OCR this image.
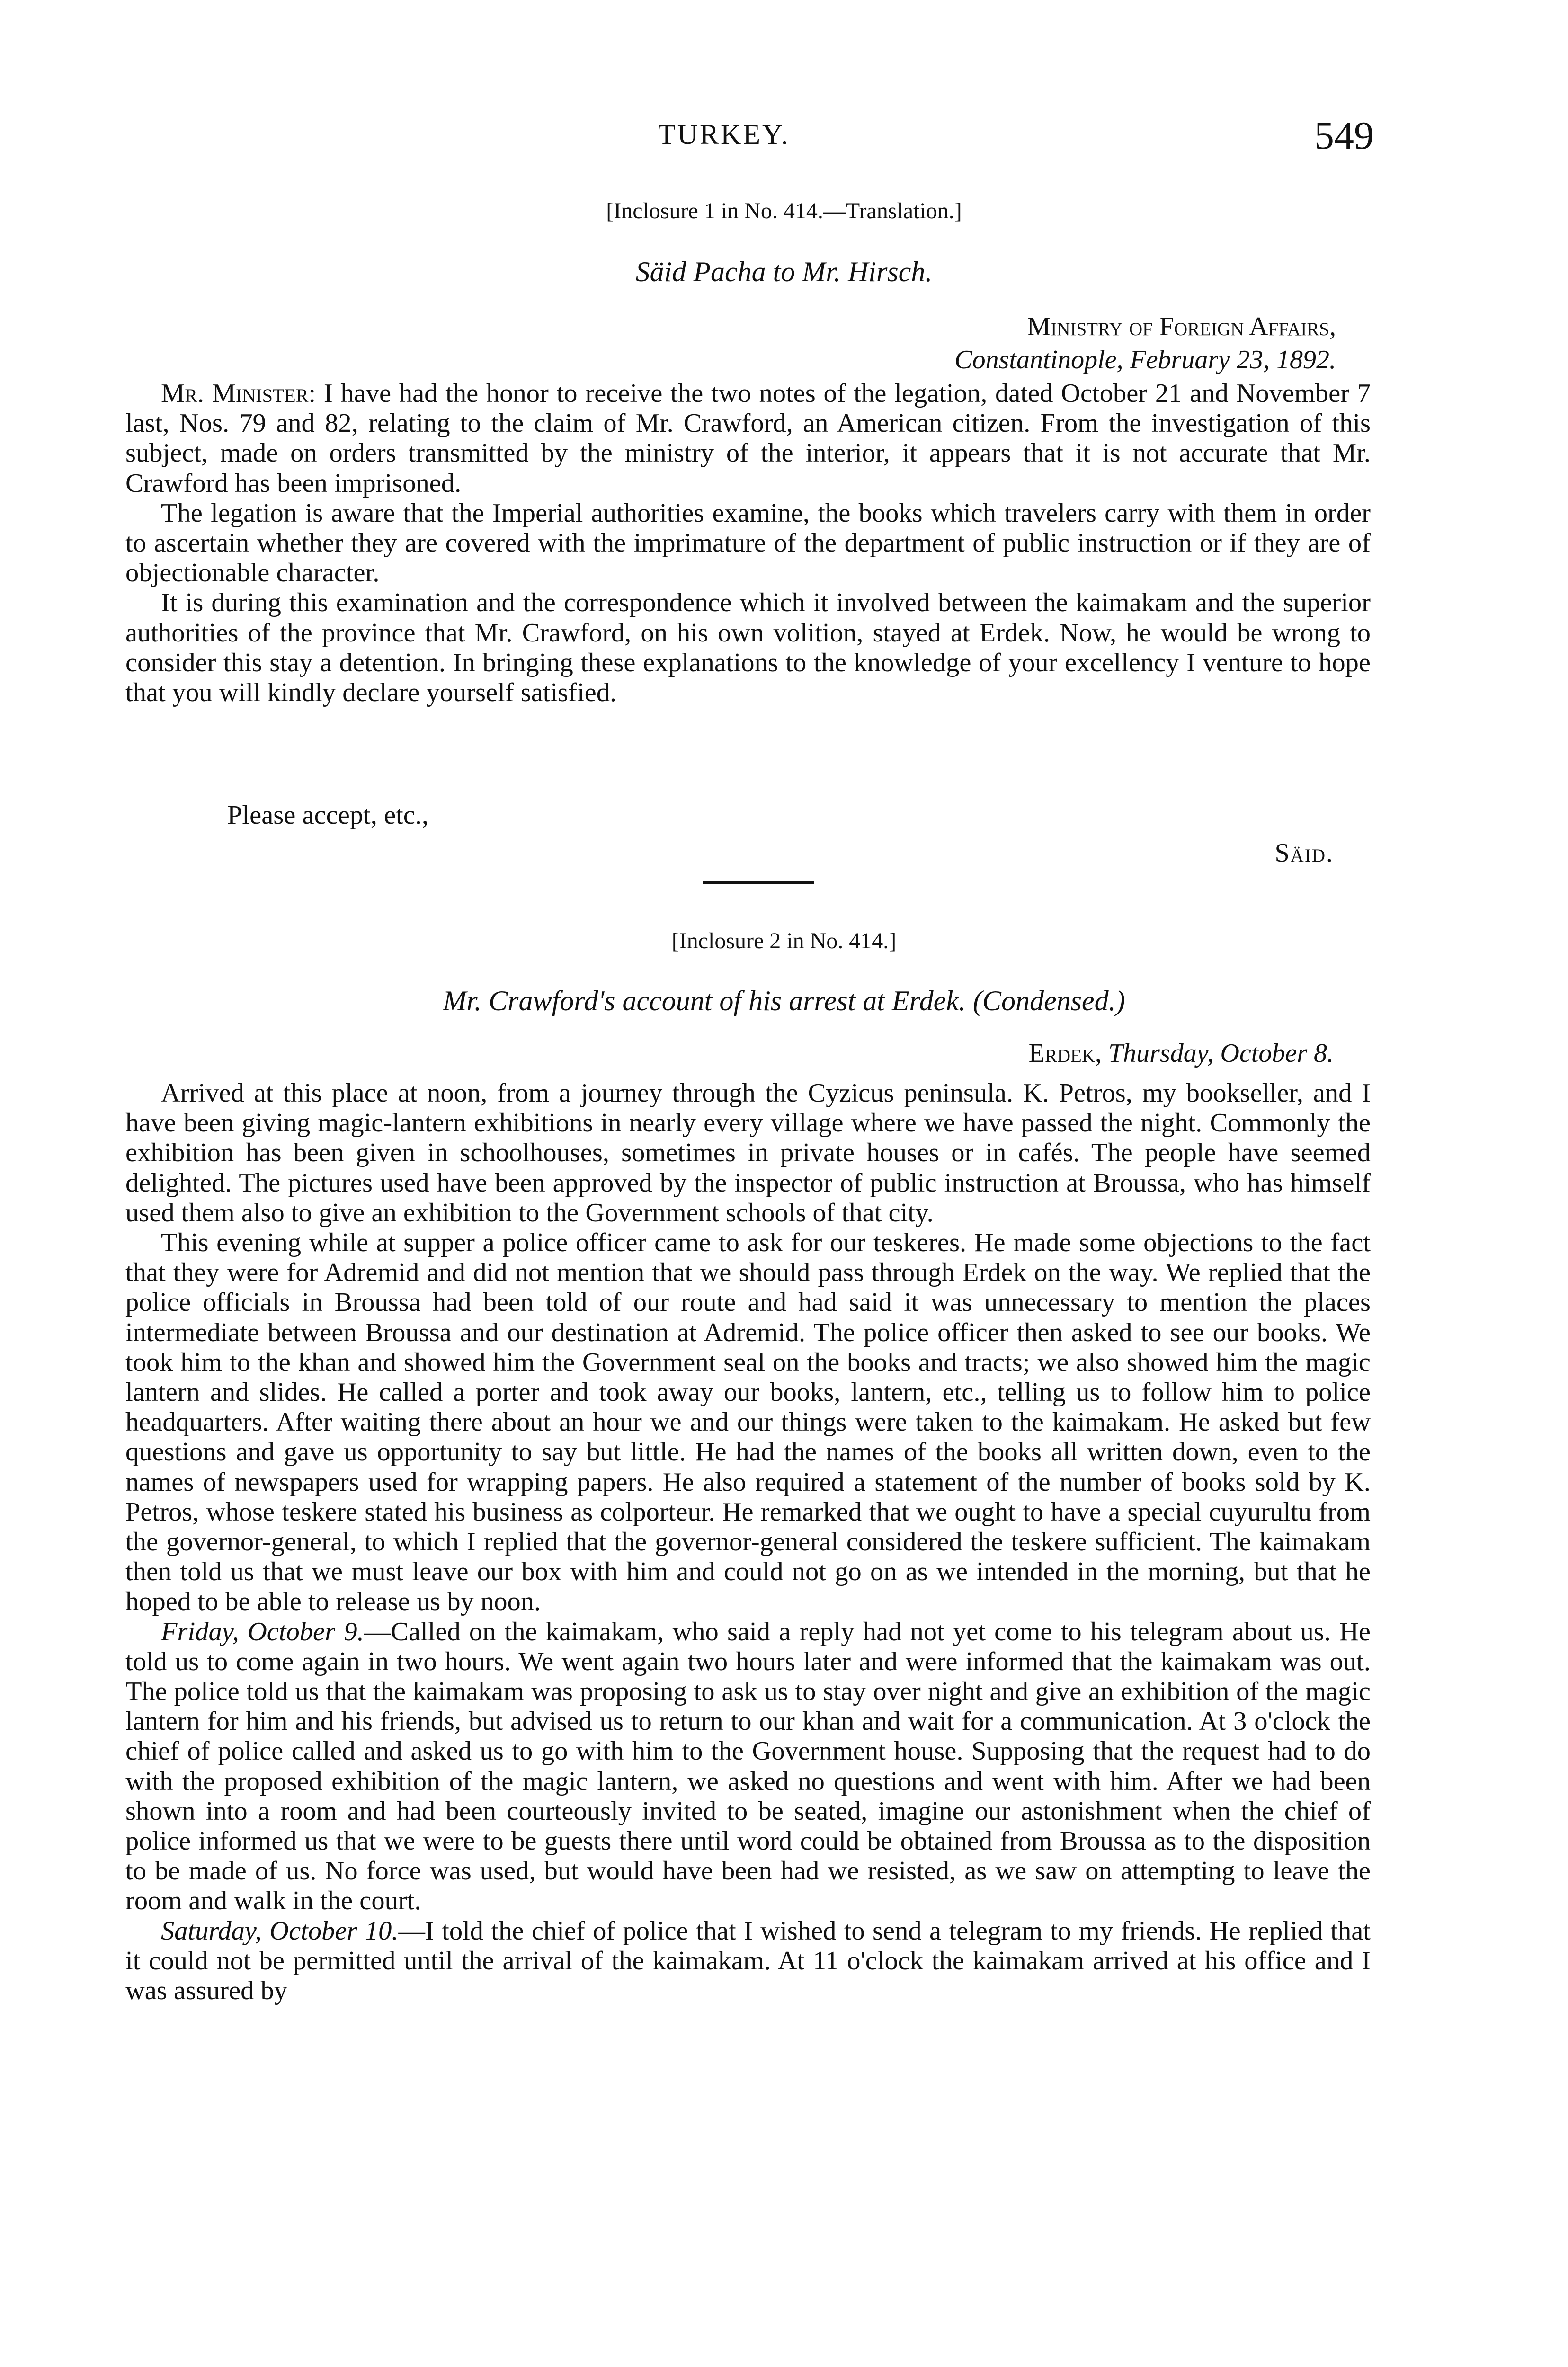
TURKEY.	549
[Inclosure 1 in No. 414.—Translation.]
Säid Pacha to Mr. Hirsch.
Ministry of Foreign Affairs,
Constantinople, February 23, 1892.

Mr. Minister: I have had the honor to receive the two notes of the legation, dated October 21 and November 7 last, Nos. 79 and 82, relating to the claim of Mr. Crawford, an American citizen. From the investigation of this subject, made on orders transmitted by the ministry of the interior, it appears that it is not accurate that Mr. Crawford has been imprisoned.

The legation is aware that the Imperial authorities examine, the books which travelers carry with them in order to ascertain whether they are covered with the imprimature of the department of public instruction or if they are of objectionable character.

It is during this examination and the correspondence which it involved between the kaimakam and the superior authorities of the province that Mr. Crawford, on his own volition, stayed at Erdek. Now, he would be wrong to consider this stay a detention. In bringing these explanations to the knowledge of your excellency I venture to hope that you will kindly declare yourself satisfied.

Please accept, etc.,
Säid.
[Inclosure 2 in No. 414.]
Mr. Crawford's account of his arrest at Erdek. (Condensed.)
Erdek, Thursday, October 8.

Arrived at this place at noon, from a journey through the Cyzicus peninsula. K. Petros, my bookseller, and I have been giving magic-lantern exhibitions in nearly every village where we have passed the night. Commonly the exhibition has been given in schoolhouses, sometimes in private houses or in cafés. The people have seemed delighted. The pictures used have been approved by the inspector of public instruction at Broussa, who has himself used them also to give an exhibition to the Government schools of that city.

This evening while at supper a police officer came to ask for our teskeres. He made some objections to the fact that they were for Adremid and did not mention that we should pass through Erdek on the way. We replied that the police officials in Broussa had been told of our route and had said it was unnecessary to mention the places intermediate between Broussa and our destination at Adremid. The police officer then asked to see our books. We took him to the khan and showed him the Government seal on the books and tracts; we also showed him the magic lantern and slides. He called a porter and took away our books, lantern, etc., telling us to follow him to police headquarters. After waiting there about an hour we and our things were taken to the kaimakam. He asked but few questions and gave us opportunity to say but little. He had the names of the books all written down, even to the names of newspapers used for wrapping papers. He also required a statement of the number of books sold by K. Petros, whose teskere stated his business as colporteur. He remarked that we ought to have a special cuyurultu from the governor-general, to which I replied that the governor-general considered the teskere sufficient. The kaimakam then told us that we must leave our box with him and could not go on as we intended in the morning, but that he hoped to be able to release us by noon.

Friday, October 9.—Called on the kaimakam, who said a reply had not yet come to his telegram about us. He told us to come again in two hours. We went again two hours later and were informed that the kaimakam was out. The police told us that the kaimakam was proposing to ask us to stay over night and give an exhibition of the magic lantern for him and his friends, but advised us to return to our khan and wait for a communication. At 3 o'clock the chief of police called and asked us to go with him to the Government house. Supposing that the request had to do with the proposed exhibition of the magic lantern, we asked no questions and went with him. After we had been shown into a room and had been courteously invited to be seated, imagine our astonishment when the chief of police informed us that we were to be guests there until word could be obtained from Broussa as to the disposition to be made of us. No force was used, but would have been had we resisted, as we saw on attempting to leave the room and walk in the court.

Saturday, October 10.—I told the chief of police that I wished to send a telegram to my friends. He replied that it could not be permitted until the arrival of the kaimakam. At 11 o'clock the kaimakam arrived at his office and I was assured by
